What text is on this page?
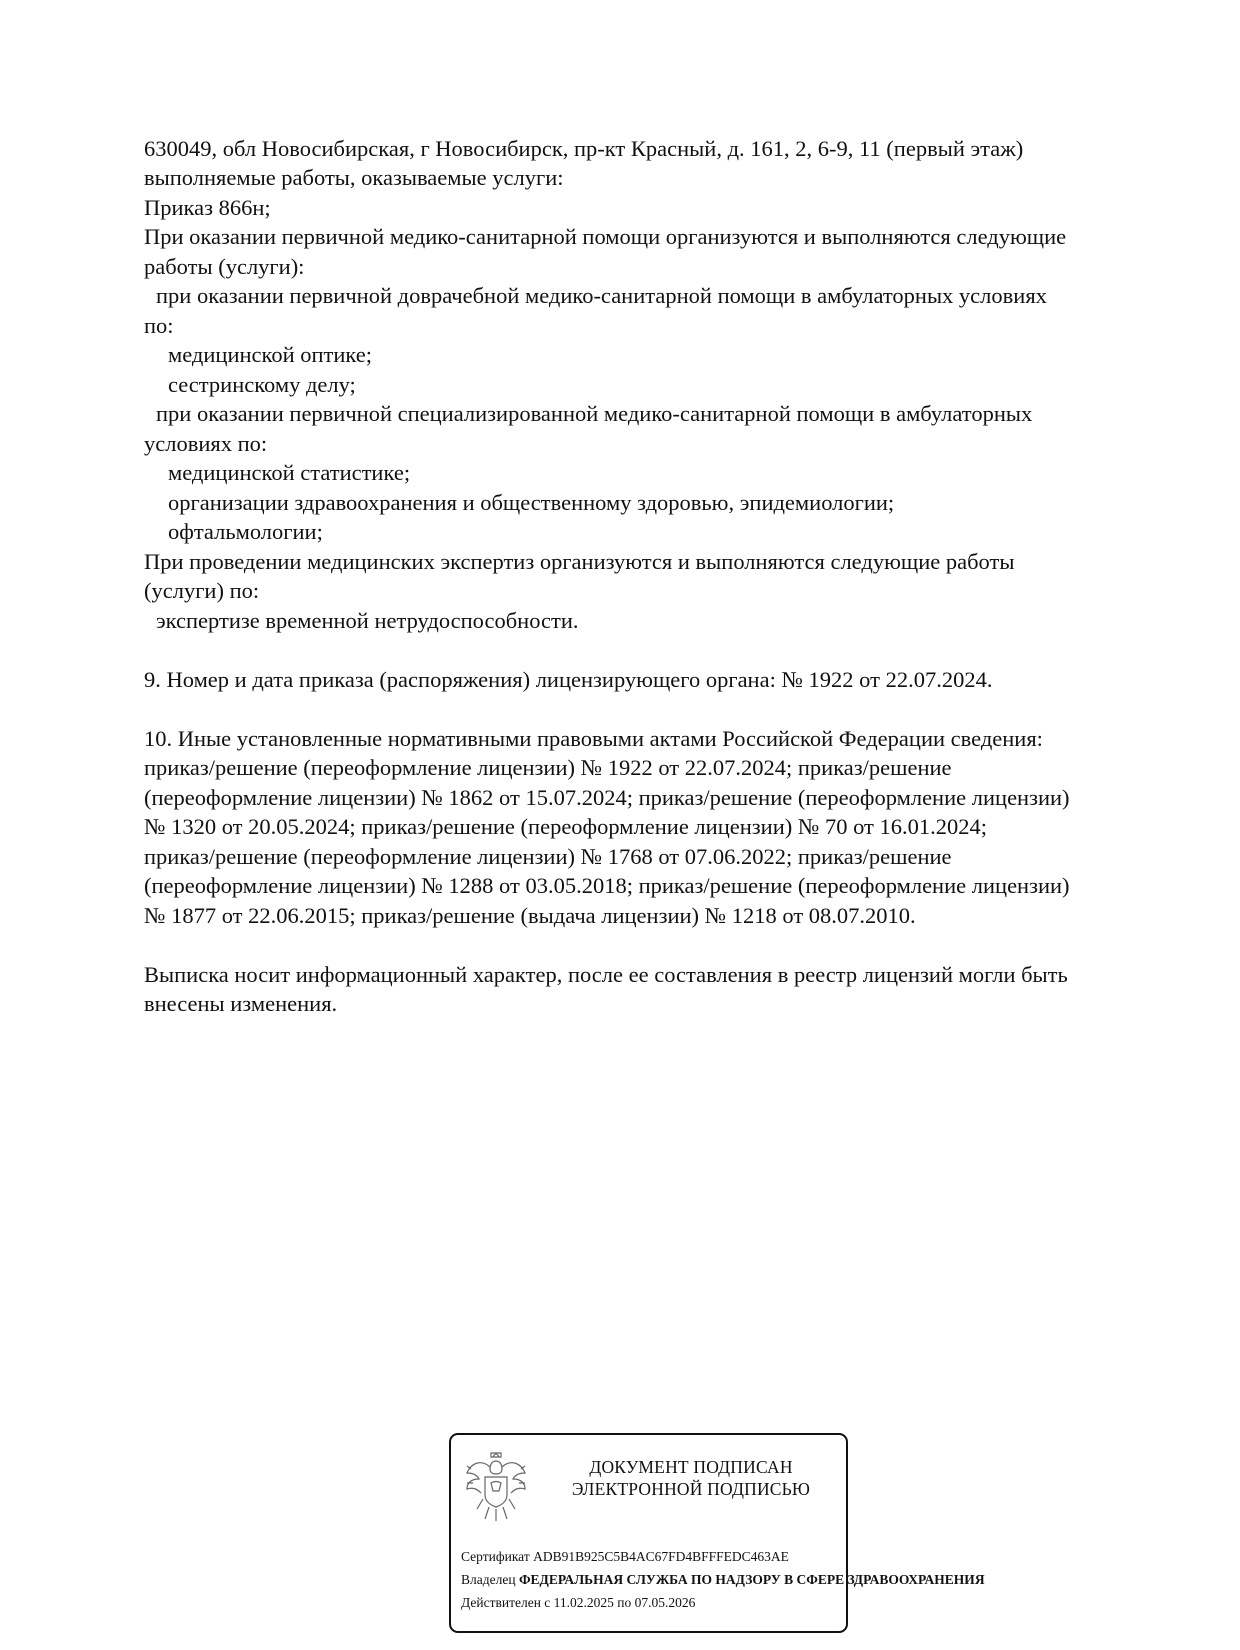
630049, обл Новосибирская, г Новосибирск, пр-кт Красный, д. 161, 2, 6-9, 11 (первый этаж)

выполняемые работы, оказываемые услуги:

Приказ 866н;

При оказании первичной медико-санитарной помощи организуются и выполняются следующие

работы (услуги):

при оказании первичной доврачебной медико-санитарной помощи в амбулаторных условиях

по:

медицинской оптике;

сестринскому делу;

при оказании первичной специализированной медико-санитарной помощи в амбулаторных

условиях по:

медицинской статистике;

организации здравоохранения и общественному здоровью, эпидемиологии;

офтальмологии;

При проведении медицинских экспертиз организуются и выполняются следующие работы

(услуги) по:

экспертизе временной нетрудоспособности.

9. Номер и дата приказа (распоряжения) лицензирующего органа: № 1922 от 22.07.2024.

10. Иные установленные нормативными правовыми актами Российской Федерации сведения:

приказ/решение (переоформление лицензии) № 1922 от 22.07.2024; приказ/решение

(переоформление лицензии) № 1862 от 15.07.2024; приказ/решение (переоформление лицензии)

№ 1320 от 20.05.2024; приказ/решение (переоформление лицензии) № 70 от 16.01.2024;

приказ/решение (переоформление лицензии) № 1768 от 07.06.2022; приказ/решение

(переоформление лицензии) № 1288 от 03.05.2018; приказ/решение (переоформление лицензии)

№ 1877 от 22.06.2015; приказ/решение (выдача лицензии) № 1218 от 08.07.2010.

Выписка носит информационный характер, после ее составления в реестр лицензий могли быть

внесены изменения.

ДОКУМЕНТ ПОДПИСАН
ЭЛЕКТРОННОЙ ПОДПИСЬЮ
Сертификат ADB91B925C5B4AC67FD4BFFFEDC463AE
Владелец ФЕДЕРАЛЬНАЯ СЛУЖБА ПО НАДЗОРУ В СФЕРЕ ЗДРАВООХРАНЕНИЯ
Действителен с 11.02.2025 по 07.05.2026
